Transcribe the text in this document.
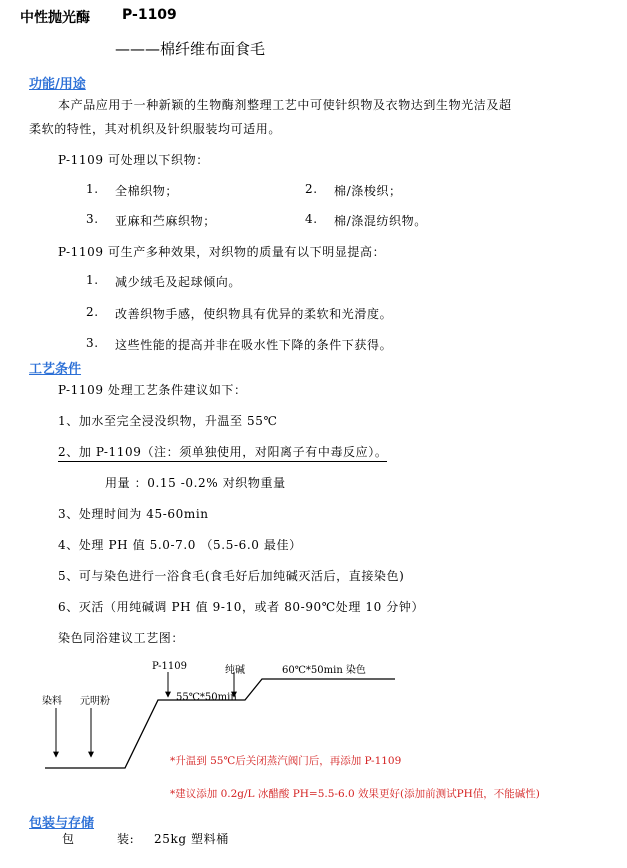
中性抛光酶 P-1109
———棉纤维布面食毛
功能/用途
本产品应用于一种新颖的生物酶剂整理工艺中可使针织物及衣物达到生物光洁及超
柔软的特性，其对机织及针织服装均可适用。
P-1109 可处理以下织物：
1. 全棉织物；	2. 棉/涤梭织；
3. 亚麻和苎麻织物；	4. 棉/涤混纺织物。
P-1109 可生产多种效果，对织物的质量有以下明显提高：
1. 减少绒毛及起球倾向。
2. 改善织物手感，使织物具有优异的柔软和光滑度。
3. 这些性能的提高并非在吸水性下降的条件下获得。
工艺条件
P-1109 处理工艺条件建议如下：
1、加水至完全浸没织物，升温至 55℃
2、加 P-1109（注：须单独使用，对阳离子有中毒反应）。
用量 ：0.15 -0.2% 对织物重量
3、处理时间为 45-60min
4、处理 PH 值 5.0-7.0 （5.5-6.0 最佳）
5、可与染色进行一浴食毛(食毛好后加纯碱灭活后，直接染色)
6、灭活（用纯碱调 PH 值 9-10，或者 80-90℃处理 10 分钟）
染色同浴建议工艺图：
P-1109	纯碱	60℃*50min 染色
染料 元明粉	55℃*50min
*升温到 55℃后关闭蒸汽阀门后，再添加 P-1109
*建议添加 0.2g/L 冰醋酸 PH=5.5-6.0 效果更好(添加前测试PH值，不能碱性)
包装与存储
包	装: 25kg 塑料桶
